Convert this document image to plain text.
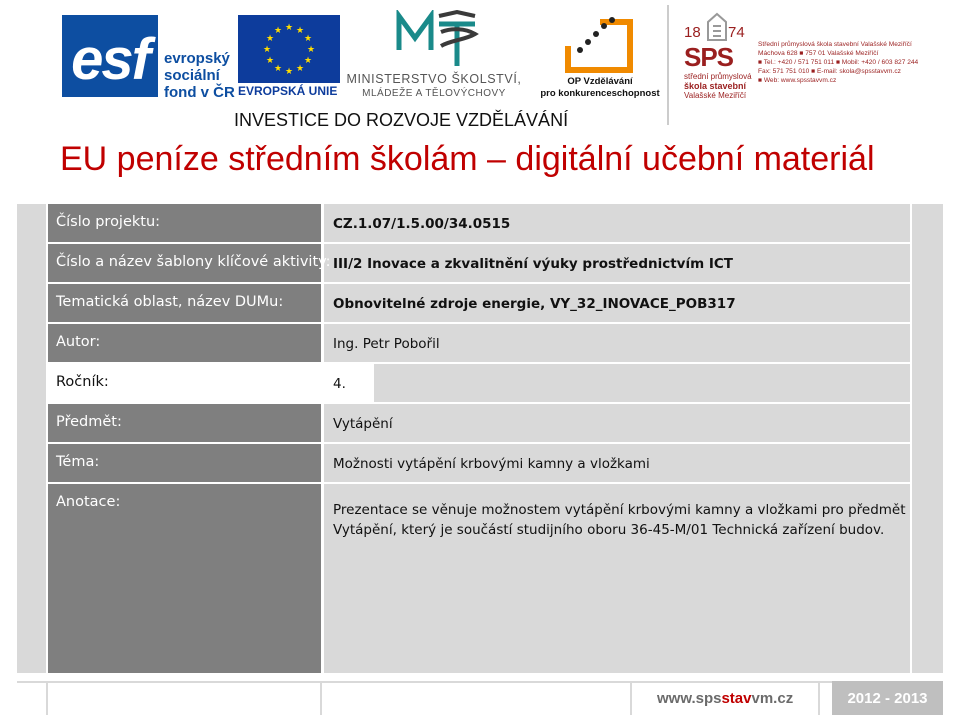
esf	evropský
sociální
fond v ČR
★ ★
★
★
★
★
★
★
★
★
★
★
EVROPSKÁ UNIE
MINISTERSTVO ŠKOLSTVÍ,
MLÁDEŽE A TĚLOVÝCHOVY
OP Vzdělávání
pro konkurenceschopnost
18 74
SPS
střední průmyslová
škola stavební
Valašské Meziříčí
Střední průmyslová škola stavební Valašské Meziříčí
Máchova 628 ■ 757 01 Valašské Meziříčí
■ Tel.: +420 / 571 751 011 ■ Mobil: +420 / 603 827 244
Fax: 571 751 010 ■ E-mail: skola@spsstavvm.cz
■ Web: www.spsstavvm.cz
INVESTICE DO ROZVOJE VZDĚLÁVÁNÍ
EU peníze středním školám – digitální učební materiál
Číslo projektu:	CZ.1.07/1.5.00/34.0515
Číslo a název šablony klíčové aktivity: III/2 Inovace a zkvalitnění výuky prostřednictvím ICT
Tematická oblast, název DUMu:	Obnovitelné zdroje energie, VY_32_INOVACE_POB317
Autor:	Ing. Petr Pobořil
Ročník:	4.
Předmět:	Vytápění
Téma:	Možnosti vytápění krbovými kamny a vložkami
Anotace:	Prezentace se věnuje možnostem vytápění krbovými kamny a vložkami pro předmět Vytápění, který je součástí studijního oboru 36-45-M/01 Technická zařízení budov.
www.spsstavvm.cz	2012 - 2013
